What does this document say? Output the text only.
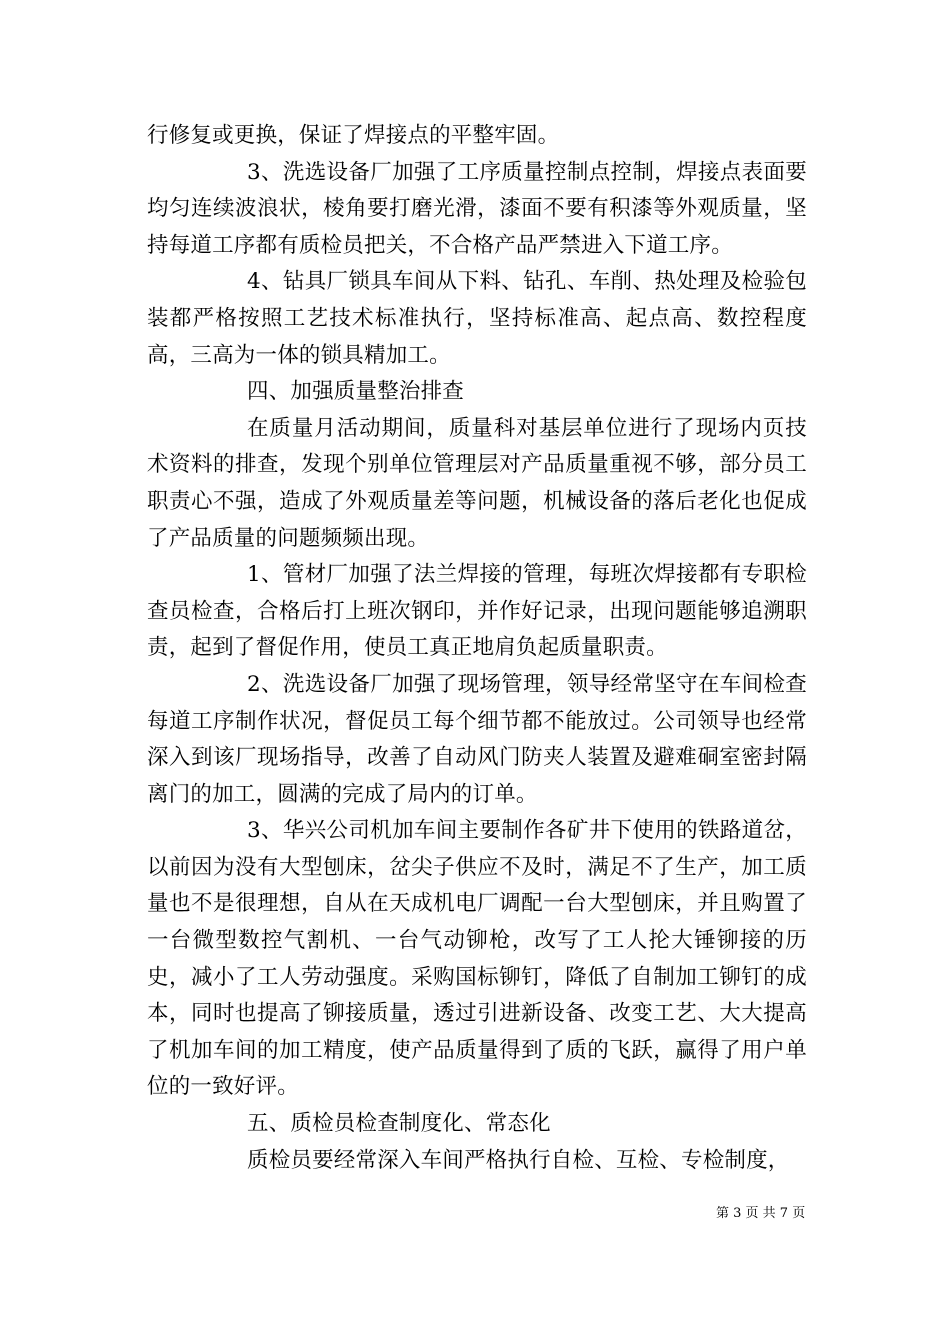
行修复或更换，保证了焊接点的平整牢固。

3、洗选设备厂加强了工序质量控制点控制，焊接点表面要均匀连续波浪状，棱角要打磨光滑，漆面不要有积漆等外观质量，坚持每道工序都有质检员把关，不合格产品严禁进入下道工序。

4、钻具厂锁具车间从下料、钻孔、车削、热处理及检验包装都严格按照工艺技术标准执行，坚持标准高、起点高、数控程度高，三高为一体的锁具精加工。

四、加强质量整治排查

在质量月活动期间，质量科对基层单位进行了现场内页技术资料的排查，发现个别单位管理层对产品质量重视不够，部分员工职责心不强，造成了外观质量差等问题，机械设备的落后老化也促成了产品质量的问题频频出现。

1、管材厂加强了法兰焊接的管理，每班次焊接都有专职检查员检查，合格后打上班次钢印，并作好记录，出现问题能够追溯职责，起到了督促作用，使员工真正地肩负起质量职责。

2、洗选设备厂加强了现场管理，领导经常坚守在车间检查每道工序制作状况，督促员工每个细节都不能放过。公司领导也经常深入到该厂现场指导，改善了自动风门防夹人装置及避难硐室密封隔离门的加工，圆满的完成了局内的订单。

3、华兴公司机加车间主要制作各矿井下使用的铁路道岔，以前因为没有大型刨床，岔尖子供应不及时，满足不了生产，加工质量也不是很理想，自从在天成机电厂调配一台大型刨床，并且购置了一台微型数控气割机、一台气动铆枪，改写了工人抡大锤铆接的历史，减小了工人劳动强度。采购国标铆钉，降低了自制加工铆钉的成本，同时也提高了铆接质量，透过引进新设备、改变工艺、大大提高了机加车间的加工精度，使产品质量得到了质的飞跃，赢得了用户单位的一致好评。

五、质检员检查制度化、常态化

质检员要经常深入车间严格执行自检、互检、专检制度，

第 3 页 共 7 页
